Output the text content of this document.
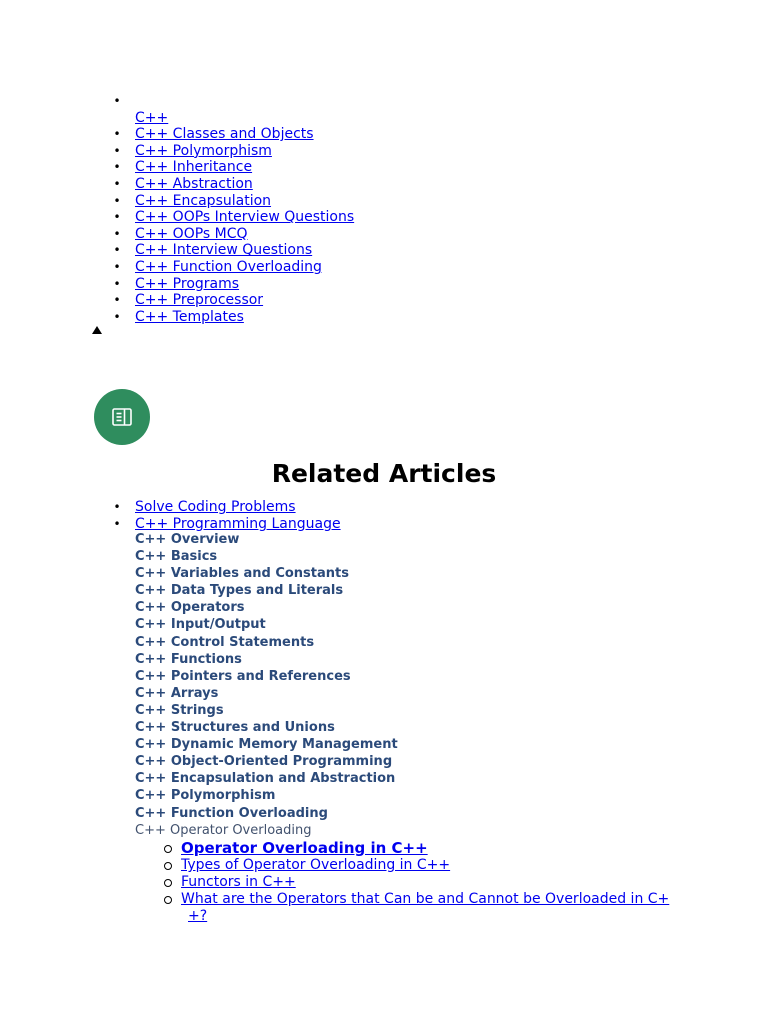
•
C++
• C++ Classes and Objects
• C++ Polymorphism
• C++ Inheritance
• C++ Abstraction
• C++ Encapsulation
• C++ OOPs Interview Questions
• C++ OOPs MCQ
• C++ Interview Questions
• C++ Function Overloading
• C++ Programs
• C++ Preprocessor
• C++ Templates
Related Articles
• Solve Coding Problems
• C++ Programming Language
C++ Overview
C++ Basics
C++ Variables and Constants
C++ Data Types and Literals
C++ Operators
C++ Input/Output
C++ Control Statements
C++ Functions
C++ Pointers and References
C++ Arrays
C++ Strings
C++ Structures and Unions
C++ Dynamic Memory Management
C++ Object-Oriented Programming
C++ Encapsulation and Abstraction
C++ Polymorphism
C++ Function Overloading
C++ Operator Overloading
Operator Overloading in C++
Types of Operator Overloading in C++
Functors in C++
What are the Operators that Can be and Cannot be Overloaded in C+
+?
